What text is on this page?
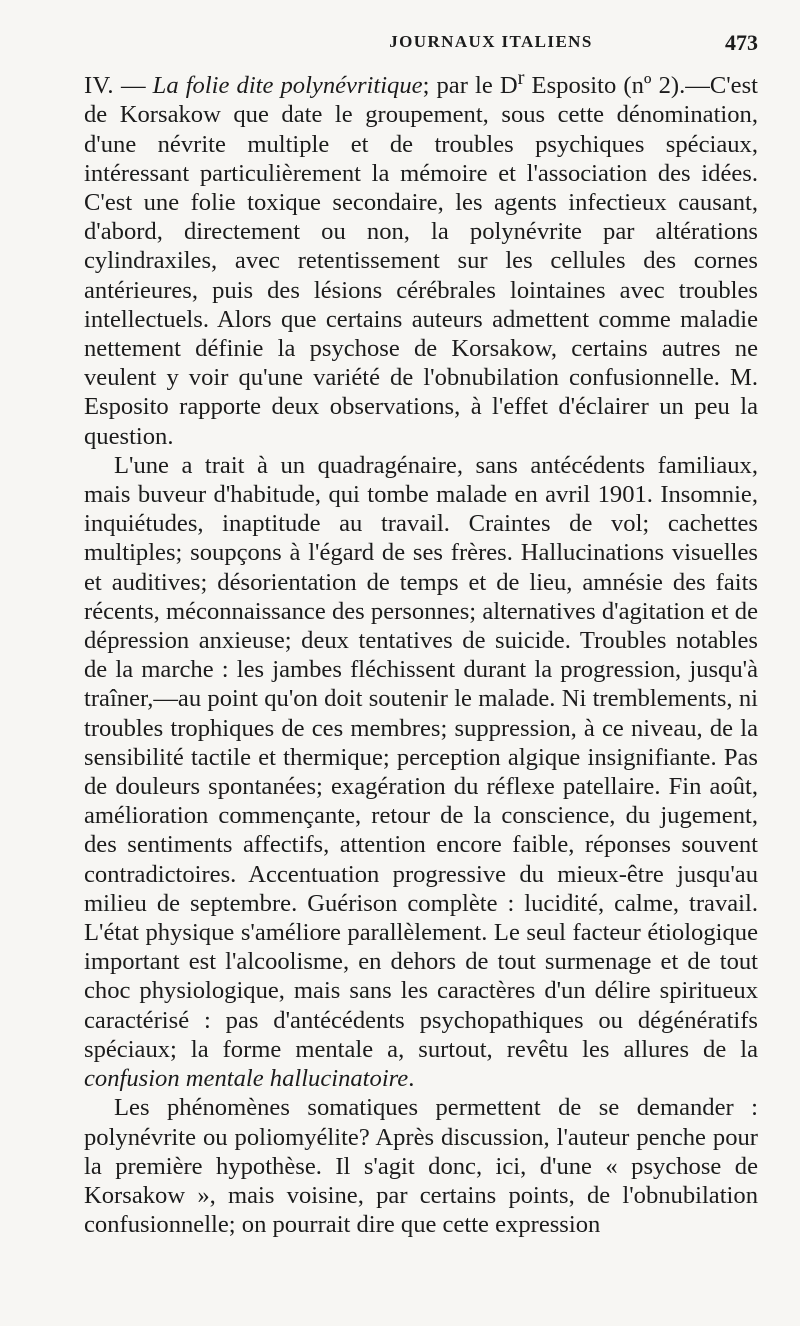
JOURNAUX ITALIENS	473

IV. — La folie dite polynévritique; par le $D^r$ Esposito (nº 2).—C'est de Korsakow que date le groupement, sous cette dénomination, d'une névrite multiple et de troubles psychiques spéciaux, intéressant particulièrement la mémoire et l'association des idées. C'est une folie toxique secondaire, les agents infectieux causant, d'abord, directement ou non, la polynévrite par altérations cylindraxiles, avec retentissement sur les cellules des cornes antérieures, puis des lésions cérébrales lointaines avec troubles intellectuels. Alors que certains auteurs admettent comme maladie nettement définie la psychose de Korsakow, certains autres ne veulent y voir qu'une variété de l'obnubilation confusionnelle. M. Esposito rapporte deux observations, à l'effet d'éclairer un peu la question.

L'une a trait à un quadragénaire, sans antécédents familiaux, mais buveur d'habitude, qui tombe malade en avril 1901. Insomnie, inquiétudes, inaptitude au travail. Craintes de vol; cachettes multiples; soupçons à l'égard de ses frères. Hallucinations visuelles et auditives; désorientation de temps et de lieu, amnésie des faits récents, méconnaissance des personnes; alternatives d'agitation et de dépression anxieuse; deux tentatives de suicide. Troubles notables de la marche : les jambes fléchissent durant la progression, jusqu'à traîner,—au point qu'on doit soutenir le malade. Ni tremblements, ni troubles trophiques de ces membres; suppression, à ce niveau, de la sensibilité tactile et thermique; perception algique insignifiante. Pas de douleurs spontanées; exagération du réflexe patellaire. Fin août, amélioration commençante, retour de la conscience, du jugement, des sentiments affectifs, attention encore faible, réponses souvent contradictoires. Accentuation progressive du mieux-être jusqu'au milieu de septembre. Guérison complète : lucidité, calme, travail. L'état physique s'améliore parallèlement. Le seul facteur étiologique important est l'alcoolisme, en dehors de tout surmenage et de tout choc physiologique, mais sans les caractères d'un délire spiritueux caractérisé : pas d'antécédents psychopathiques ou dégénératifs spéciaux; la forme mentale a, surtout, revêtu les allures de la confusion mentale hallucinatoire.

Les phénomènes somatiques permettent de se demander : polynévrite ou poliomyélite? Après discussion, l'auteur penche pour la première hypothèse. Il s'agit donc, ici, d'une « psychose de Korsakow », mais voisine, par certains points, de l'obnubilation confusionnelle; on pourrait dire que cette expression
